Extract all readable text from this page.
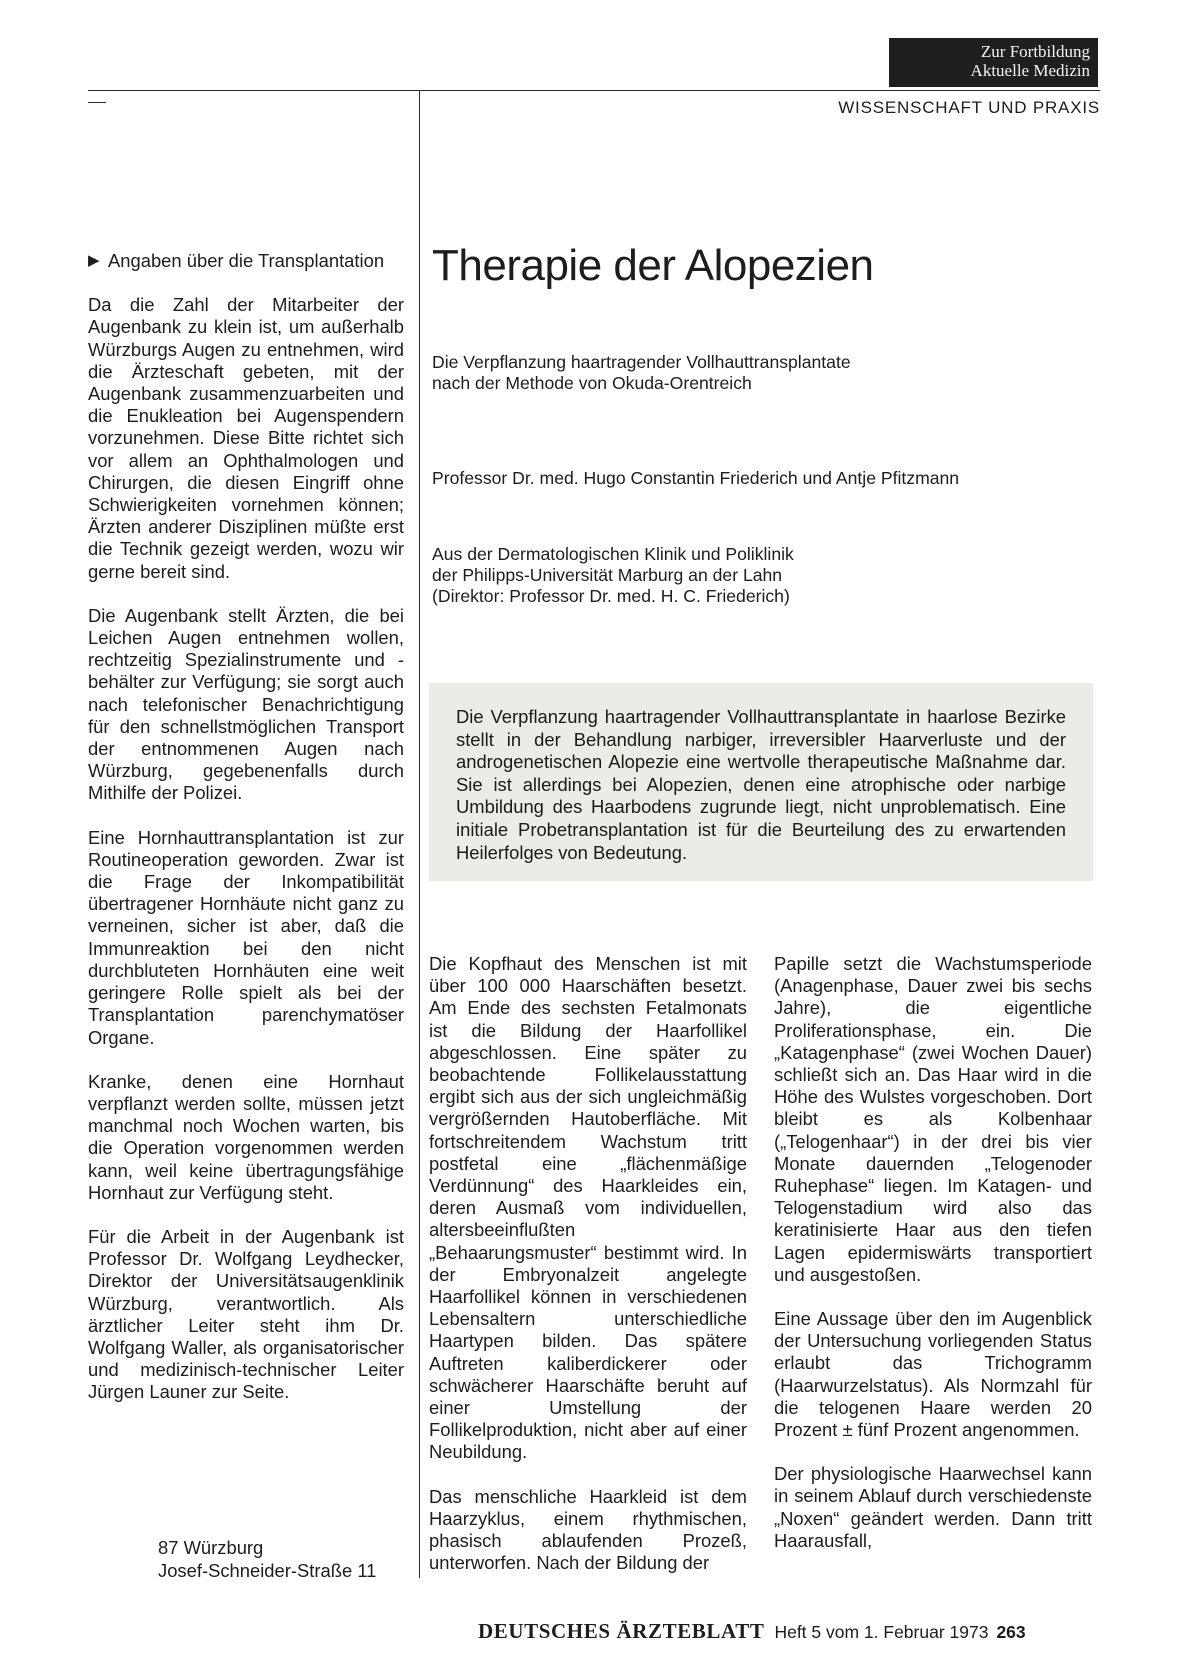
Zur Fortbildung
Aktuelle Medizin
WISSENSCHAFT UND PRAXIS

▶ Angaben über die Transplantation

Da die Zahl der Mitarbeiter der Augenbank zu klein ist, um außerhalb Würzburgs Augen zu entnehmen, wird die Ärzteschaft gebeten, mit der Augenbank zusammenzuarbeiten und die Enukleation bei Augenspendern vorzunehmen. Diese Bitte richtet sich vor allem an Ophthalmologen und Chirurgen, die diesen Eingriff ohne Schwierigkeiten vornehmen können; Ärzten anderer Disziplinen müßte erst die Technik gezeigt werden, wozu wir gerne bereit sind.

Die Augenbank stellt Ärzten, die bei Leichen Augen entnehmen wollen, rechtzeitig Spezialinstrumente und -behälter zur Verfügung; sie sorgt auch nach telefonischer Benachrichtigung für den schnellstmöglichen Transport der entnommenen Augen nach Würzburg, gegebenenfalls durch Mithilfe der Polizei.

Eine Hornhauttransplantation ist zur Routineoperation geworden. Zwar ist die Frage der Inkompatibilität übertragener Hornhäute nicht ganz zu verneinen, sicher ist aber, daß die Immunreaktion bei den nicht durchbluteten Hornhäuten eine weit geringere Rolle spielt als bei der Transplantation parenchymatöser Organe.

Kranke, denen eine Hornhaut verpflanzt werden sollte, müssen jetzt manchmal noch Wochen warten, bis die Operation vorgenommen werden kann, weil keine übertragungsfähige Hornhaut zur Verfügung steht.

Für die Arbeit in der Augenbank ist Professor Dr. Wolfgang Leydhecker, Direktor der Universitätsaugenklinik Würzburg, verantwortlich. Als ärztlicher Leiter steht ihm Dr. Wolfgang Waller, als organisatorischer und medizinisch-technischer Leiter Jürgen Launer zur Seite.

87 Würzburg
Josef-Schneider-Straße 11
Therapie der Alopezien
Die Verpflanzung haartragender Vollhauttransplantate
nach der Methode von Okuda-Orentreich
Professor Dr. med. Hugo Constantin Friederich und Antje Pfitzmann
Aus der Dermatologischen Klinik und Poliklinik
der Philipps-Universität Marburg an der Lahn
(Direktor: Professor Dr. med. H. C. Friederich)
Die Verpflanzung haartragender Vollhauttransplantate in haarlose Bezirke stellt in der Behandlung narbiger, irreversibler Haarverluste und der androgenetischen Alopezie eine wertvolle therapeutische Maßnahme dar. Sie ist allerdings bei Alopezien, denen eine atrophische oder narbige Umbildung des Haarbodens zugrunde liegt, nicht unproblematisch. Eine initiale Probetransplantation ist für die Beurteilung des zu erwartenden Heilerfolges von Bedeutung.

Die Kopfhaut des Menschen ist mit über 100 000 Haarschäften besetzt. Am Ende des sechsten Fetalmonats ist die Bildung der Haarfollikel abgeschlossen. Eine später zu beobachtende Follikelausstattung ergibt sich aus der sich ungleichmäßig vergrößernden Hautoberfläche. Mit fortschreitendem Wachstum tritt postfetal eine „flächenmäßige Verdünnung“ des Haarkleides ein, deren Ausmaß vom individuellen, altersbeeinflußten „Behaarungsmuster“ bestimmt wird. In der Embryonalzeit angelegte Haarfollikel können in verschiedenen Lebensaltern unterschiedliche Haartypen bilden. Das spätere Auftreten kaliberdickerer oder schwächerer Haarschäfte beruht auf einer Umstellung der Follikelproduktion, nicht aber auf einer Neubildung.

Das menschliche Haarkleid ist dem Haarzyklus, einem rhythmischen, phasisch ablaufenden Prozeß, unterworfen. Nach der Bildung der

Papille setzt die Wachstumsperiode (Anagenphase, Dauer zwei bis sechs Jahre), die eigentliche Proliferationsphase, ein. Die „Katagenphase“ (zwei Wochen Dauer) schließt sich an. Das Haar wird in die Höhe des Wulstes vorgeschoben. Dort bleibt es als Kolbenhaar („Telogenhaar“) in der drei bis vier Monate dauernden „Telogenoder Ruhephase“ liegen. Im Katagen- und Telogenstadium wird also das keratinisierte Haar aus den tiefen Lagen epidermiswärts transportiert und ausgestoßen.

Eine Aussage über den im Augenblick der Untersuchung vorliegenden Status erlaubt das Trichogramm (Haarwurzelstatus). Als Normzahl für die telogenen Haare werden 20 Prozent ± fünf Prozent angenommen.

Der physiologische Haarwechsel kann in seinem Ablauf durch verschiedenste „Noxen“ geändert werden. Dann tritt Haarausfall,

DEUTSCHES ÄRZTEBLATT Heft 5 vom 1. Februar 1973 263
